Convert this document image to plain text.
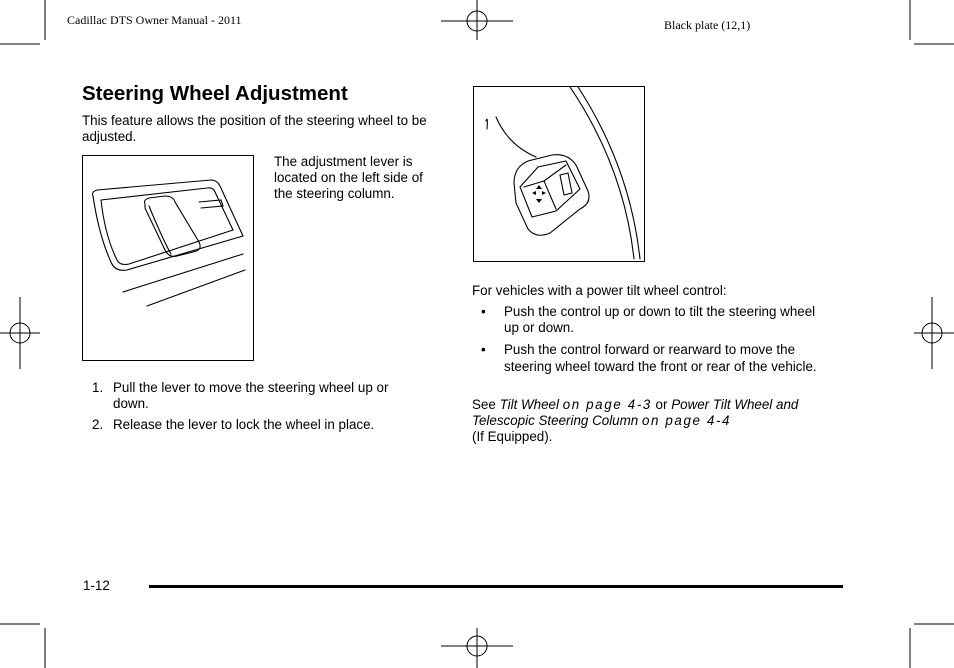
Cadillac DTS Owner Manual - 2011	Black plate (12,1)
Steering Wheel Adjustment
This feature allows the position of the steering wheel to be adjusted.
The adjustment lever is located on the left side of the steering column.
1. Pull the lever to move the steering wheel up or down.
2. Release the lever to lock the wheel in place.
For vehicles with a power tilt wheel control:
• Push the control up or down to tilt the steering wheel up or down.
• Push the control forward or rearward to move the steering wheel toward the front or rear of the vehicle.
See Tilt Wheel on page 4-3 or Power Tilt Wheel and Telescopic Steering Column on page 4-4
(If Equipped).
1-12
